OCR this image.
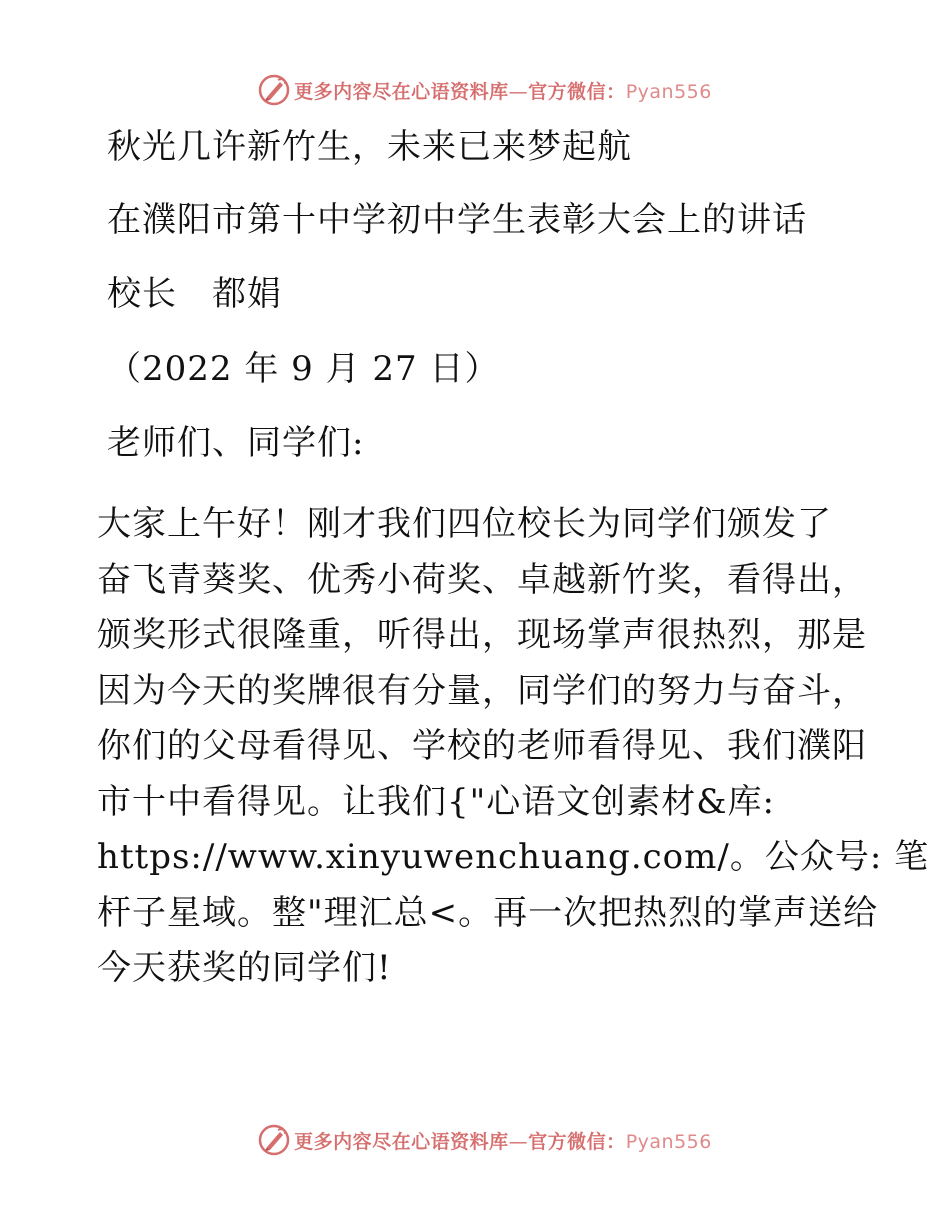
更多内容尽在心语资料库—官方微信：Pyan556
秋光几许新竹生，未来已来梦起航
在濮阳市第十中学初中学生表彰大会上的讲话
校长　都娟
（2022 年 9 月 27 日）
老师们、同学们:
大家上午好！刚才我们四位校长为同学们颁发了
奋飞青葵奖、优秀小荷奖、卓越新竹奖，看得出，
颁奖形式很隆重，听得出，现场掌声很热烈，那是
因为今天的奖牌很有分量，同学们的努力与奋斗，
你们的父母看得见、学校的老师看得见、我们濮阳
市十中看得见。让我们{"心语文创素材&库:
https://www.xinyuwenchuang.com/。公众号: 笔
杆子星域。整"理汇总<。再一次把热烈的掌声送给
今天获奖的同学们!
更多内容尽在心语资料库—官方微信：Pyan556
